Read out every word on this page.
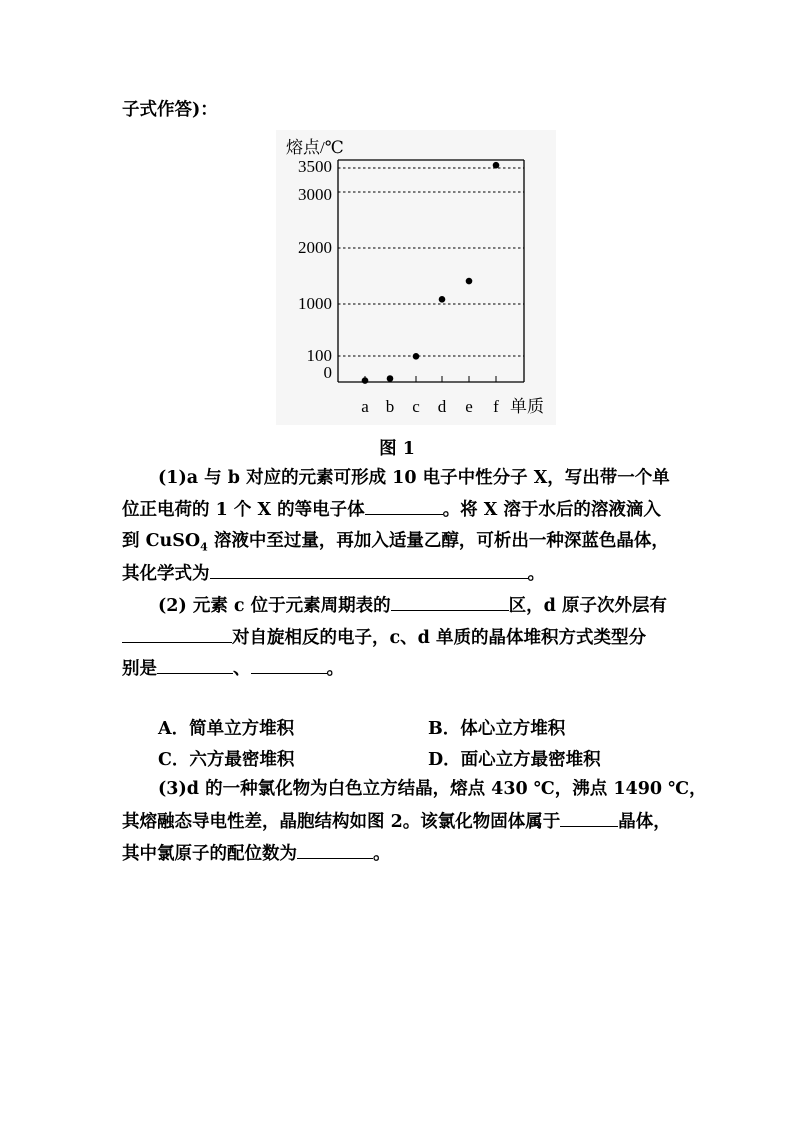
子式作答)：
熔点/℃
0
100
1000
2000
3000
3500
a b c d e f 单质
图 1
(1)a 与 b 对应的元素可形成 10 电子中性分子 X，写出带一个单
位正电荷的 1 个 X 的等电子体	。将 X 溶于水后的溶液滴入
到 CuSO$_4$ 溶液中至过量，再加入适量乙醇，可析出一种深蓝色晶体，
其化学式为	。
(2) 元素 c 位于元素周期表的	区，d 原子次外层有
对自旋相反的电子，c、d 单质的晶体堆积方式类型分
别是	、	。
A．简单立方堆积	B．体心立方堆积
C．六方最密堆积	D．面心立方最密堆积
(3)d 的一种氯化物为白色立方结晶，熔点 430 ℃，沸点 1490 ℃，
其熔融态导电性差，晶胞结构如图 2。该氯化物固体属于	晶体，
其中氯原子的配位数为	。
